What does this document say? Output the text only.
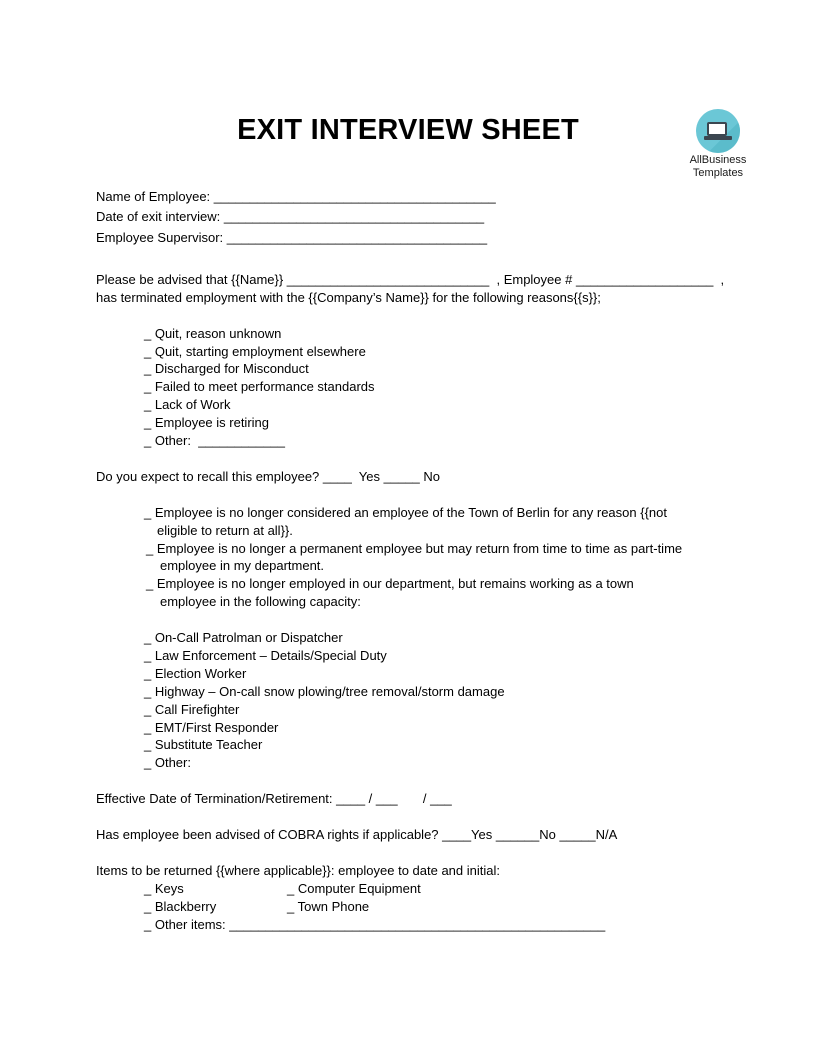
EXIT INTERVIEW SHEET
AllBusiness
Templates
Name of Employee: _______________________________________
Date of exit interview: ____________________________________
Employee Supervisor: ____________________________________
Please be advised that {{Name}} ____________________________  , Employee # ___________________  ,
has terminated employment with the {{Company’s Name}} for the following reasons{{s}};
_ Quit, reason unknown
_ Quit, starting employment elsewhere
_ Discharged for Misconduct
_ Failed to meet performance standards
_ Lack of Work
_ Employee is retiring
_ Other:  ____________
Do you expect to recall this employee? ____  Yes _____ No
_ Employee is no longer considered an employee of the Town of Berlin for any reason {{not
eligible to return at all}}.
_ Employee is no longer a permanent employee but may return from time to time as part-time
employee in my department.
_ Employee is no longer employed in our department, but remains working as a town
employee in the following capacity:
_ On-Call Patrolman or Dispatcher
_ Law Enforcement – Details/Special Duty
_ Election Worker
_ Highway – On-call snow plowing/tree removal/storm damage
_ Call Firefighter
_ EMT/First Responder
_ Substitute Teacher
_ Other:
Effective Date of Termination/Retirement: ____ / ___       / ___
Has employee been advised of COBRA rights if applicable? ____Yes ______No _____N/A
Items to be returned {{where applicable}}: employee to date and initial:
_ Keys	_ Computer Equipment
_ Blackberry	_ Town Phone
_ Other items: ____________________________________________________
